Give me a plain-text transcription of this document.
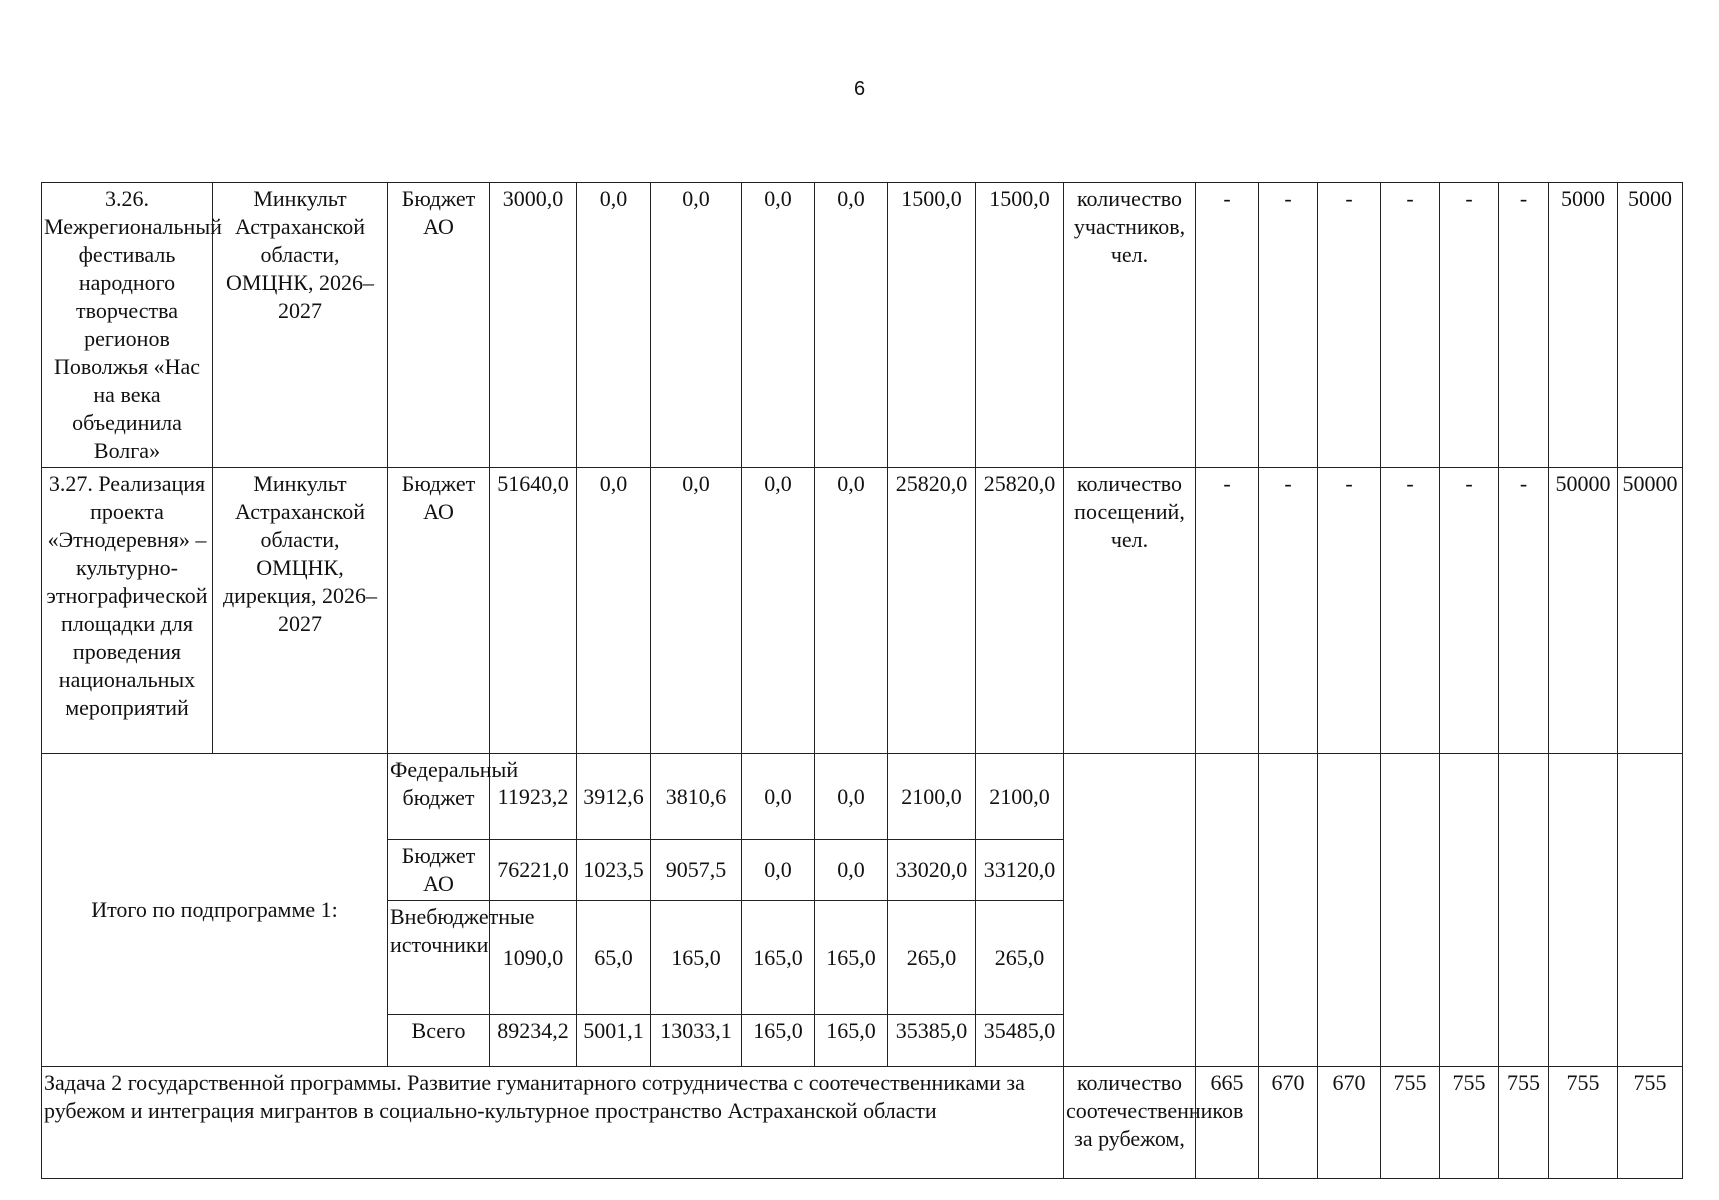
6
3.26. Межрегиональный фестиваль народного творчества регионов Поволжья «Нас на века объединила Волга»	Минкульт Астраханской области, ОМЦНК, 2026–2027	Бюджет АО	3000,0	0,0	0,0	0,0	0,0	1500,0	1500,0	количество участников, чел.	-	-	-	-	-	-	5000	5000
3.27. Реализация проекта «Этнодеревня» – культурно-этнографической площадки для проведения национальных мероприятий	Минкульт Астраханской области, ОМЦНК, дирекция, 2026–2027	Бюджет АО	51640,0	0,0	0,0	0,0	0,0	25820,0	25820,0	количество посещений, чел.	-	-	-	-	-	-	50000	50000
Итого по подпрограмме 1:		Федеральный бюджет	11923,2	3912,6	3810,6	0,0	0,0	2100,0	2100,0									
		Бюджет АО	76221,0	1023,5	9057,5	0,0	0,0	33020,0	33120,0									
		Внебюджетные источники	1090,0	65,0	165,0	165,0	165,0	265,0	265,0									
		Всего	89234,2	5001,1	13033,1	165,0	165,0	35385,0	35485,0									
Задача 2 государственной программы. Развитие гуманитарного сотрудничества с соотечественниками за рубежом и интеграция мигрантов в социально-культурное пространство Астраханской области										количество соотечественников за рубежом,	665	670	670	755	755	755	755	755
